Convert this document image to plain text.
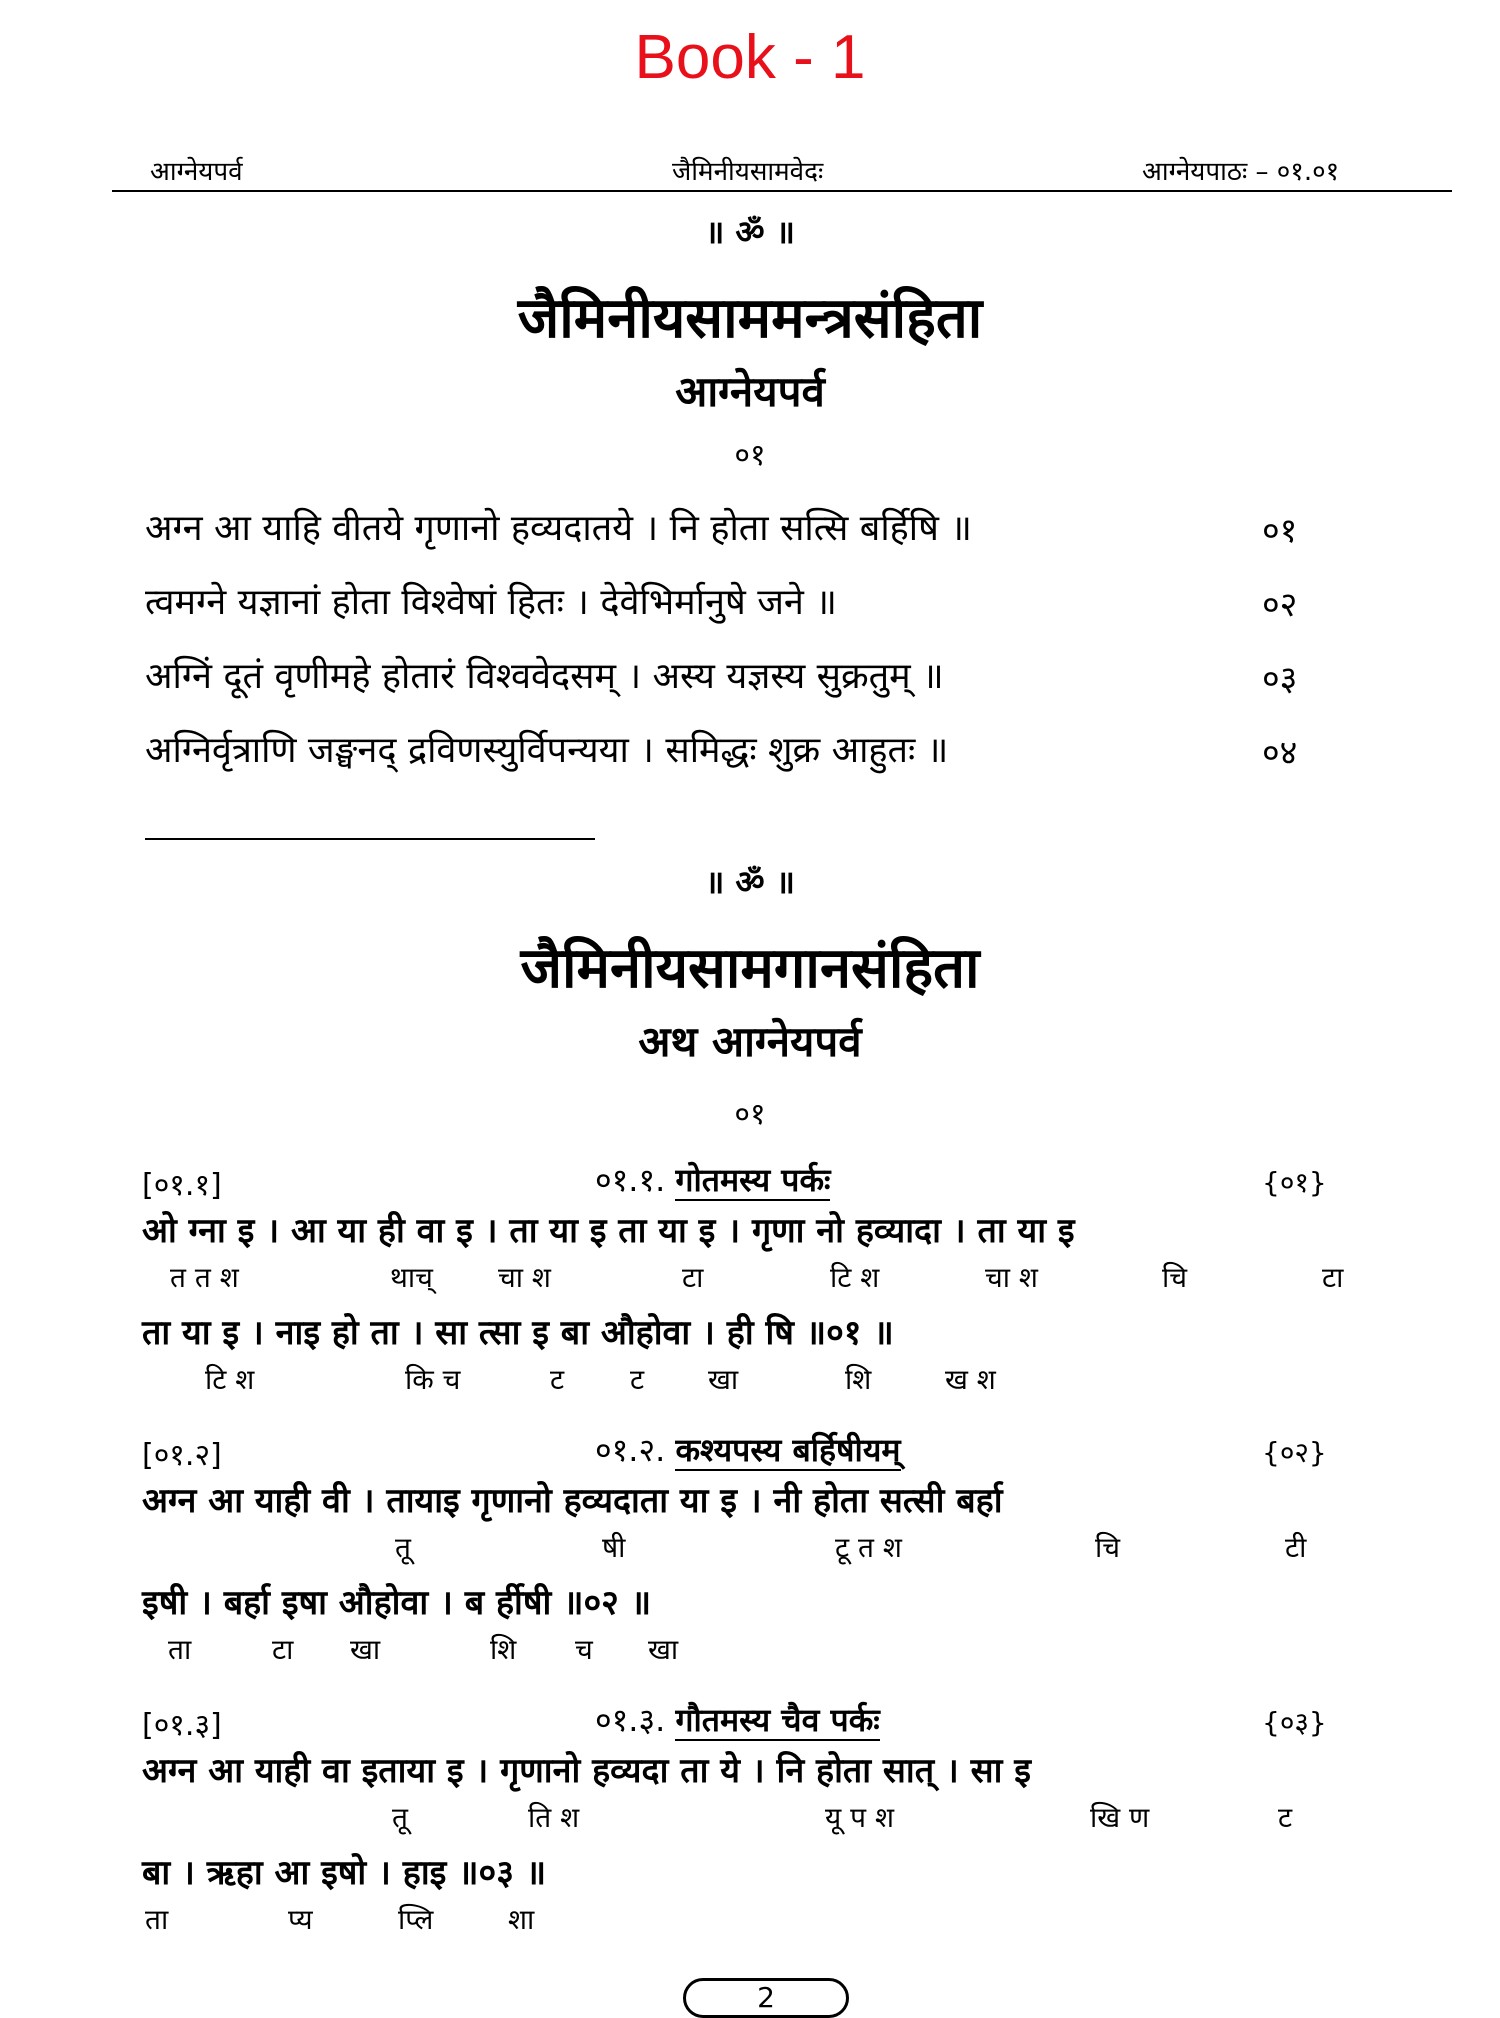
Book - 1
आग्नेयपर्व	जैमिनीयसामवेदः	आग्नेयपाठः – ०१.०१
॥ ॐ ॥
जैमिनीयसाममन्त्रसंहिता
आग्नेयपर्व
०१
अग्न आ याहि वीतये गृणानो हव्यदातये । नि होता सत्सि बर्हिषि ॥	०१
त्वमग्ने यज्ञानां होता विश्वेषां हितः । देवेभिर्मानुषे जने ॥	०२
अग्निं दूतं वृणीमहे होतारं विश्ववेदसम् । अस्य यज्ञस्य सुक्रतुम् ॥	०३
अग्निर्वृत्राणि जङ्घनद् द्रविणस्युर्विपन्यया । समिद्धः शुक्र आहुतः ॥	०४
॥ ॐ ॥
जैमिनीयसामगानसंहिता
अथ आग्नेयपर्व
०१
[०१.१]	०१.१. गोतमस्य पर्कः	{०१}
ओ ग्ना इ । आ या ही वा इ । ता या इ ता या इ । गृणा नो हव्यादा । ता या इ
त त श	थाच् चा श	टा	टि श	चा श	चि	टा
ता या इ । नाइ हो ता । सा त्सा इ बा औहोवा । ही षि ॥०१ ॥
टि श	कि च	ट ट खा	शि	ख श
[०१.२]	०१.२. कश्यपस्य बर्हिषीयम्	{०२}
अग्न आ याही वी । तायाइ गृणानो हव्यदाता या इ । नी होता सत्सी बर्हा
तू	षी	टू त श	चि	टी
इषी । बर्हा इषा औहोवा । ब र्हीषी ॥०२ ॥
ता	टा खा	शि च खा
[०१.३]	०१.३. गौतमस्य चैव पर्कः	{०३}
अग्न आ याही वा इताया इ । गृणानो हव्यदा ता ये । नि होता सात् । सा इ
तू	ति श	यू प श	खि ण	ट
बा । ऋहा आ इषो । हाइ ॥०३ ॥
ता	प्य	प्लि	शा
2
